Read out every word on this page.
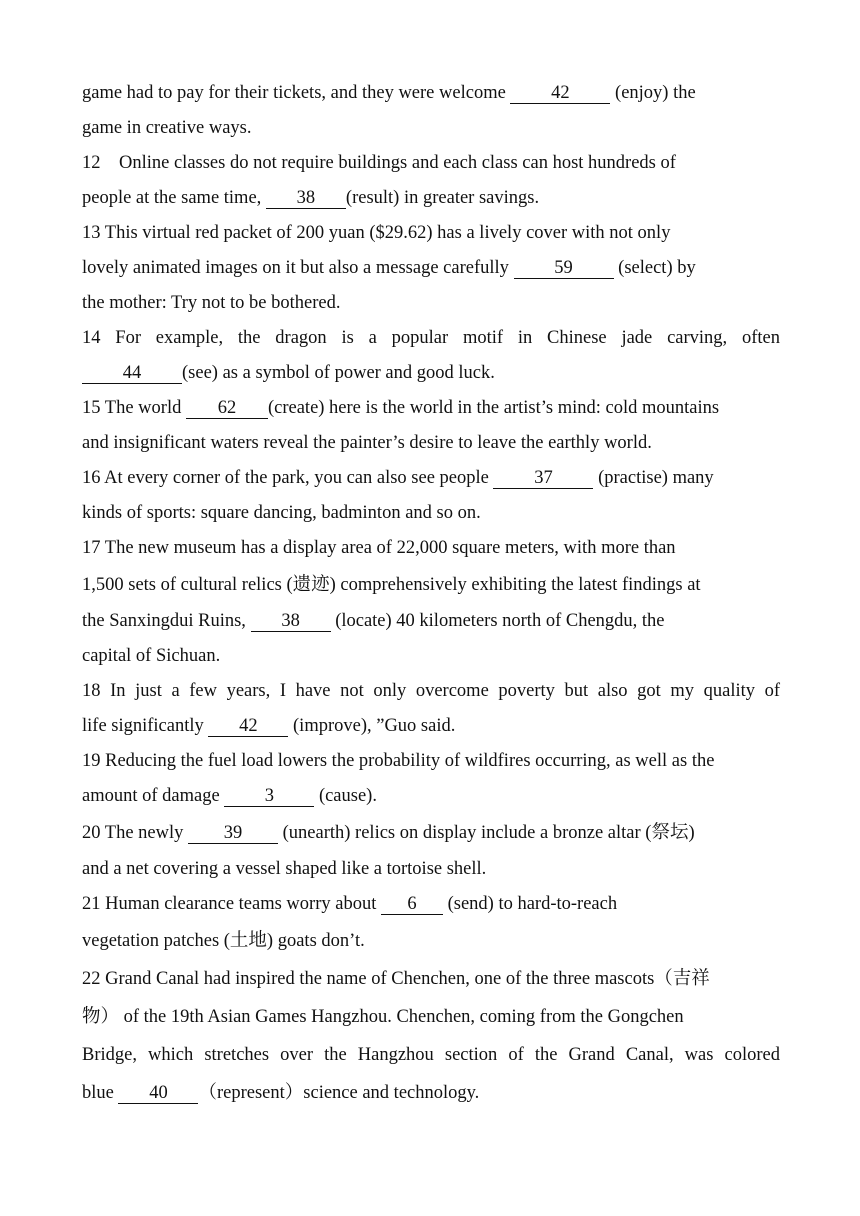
game had to pay for their tickets, and they were welcome 42 (enjoy) the
game in creative ways.
12    Online classes do not require buildings and each class can host hundreds of
people at the same time, 38 (result) in greater savings.
13 This virtual red packet of 200 yuan ($29.62) has a lively cover with not only
lovely animated images on it but also a message carefully 59 (select) by
the mother: Try not to be bothered.
14 For example, the dragon is a popular motif in Chinese jade carving, often
44 (see) as a symbol of power and good luck.
15 The world 62 (create) here is the world in the artist’s mind: cold mountains
and insignificant waters reveal the painter’s desire to leave the earthly world.
16 At every corner of the park, you can also see people 37 (practise) many
kinds of sports: square dancing, badminton and so on.
17 The new museum has a display area of 22,000 square meters, with more than
1,500 sets of cultural relics (遗迹) comprehensively exhibiting the latest findings at
the Sanxingdui Ruins, 38 (locate) 40 kilometers north of Chengdu, the
capital of Sichuan.
18 In just a few years, I have not only overcome poverty but also got my quality of
life significantly 42 (improve), ”Guo said.
19 Reducing the fuel load lowers the probability of wildfires occurring, as well as the
amount of damage 3 (cause).
20 The newly 39 (unearth) relics on display include a bronze altar (祭坛)
and a net covering a vessel shaped like a tortoise shell.
21 Human clearance teams worry about 6 (send) to hard-to-reach
vegetation patches (土地) goats don’t.
22 Grand Canal had inspired the name of Chenchen, one of the three mascots（吉祥
物） of the 19th Asian Games Hangzhou. Chenchen, coming from the Gongchen
Bridge, which stretches over the Hangzhou section of the Grand Canal, was colored
blue 40 （represent）science and technology.
